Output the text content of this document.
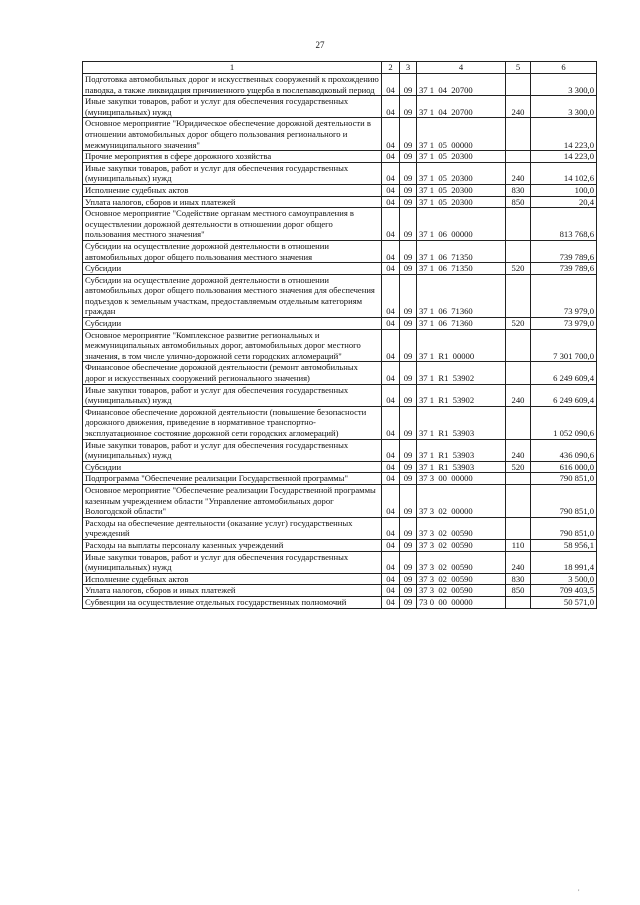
27
1	2	3	4	5	6
Подготовка автомобильных дорог и искусственных сооружений к прохождению паводка, а также ликвидация причиненного ущерба в послепаводковый период	04	09	37 1  04  20700		3 300,0
Иные закупки товаров, работ и услуг для обеспечения государственных (муниципальных) нужд	04	09	37 1  04  20700	240	3 300,0
Основное мероприятие "Юридическое обеспечение дорожной деятельности в отношении автомобильных дорог общего пользования регионального и межмуниципального значения"	04	09	37 1  05  00000		14 223,0
Прочие мероприятия в сфере дорожного хозяйства	04	09	37 1  05  20300		14 223,0
Иные закупки товаров, работ и услуг для обеспечения государственных (муниципальных) нужд	04	09	37 1  05  20300	240	14 102,6
Исполнение судебных актов	04	09	37 1  05  20300	830	100,0
Уплата налогов, сборов и иных платежей	04	09	37 1  05  20300	850	20,4
Основное мероприятие "Содействие органам местного самоуправления в осуществлении дорожной деятельности в отношении дорог общего пользования местного значения"	04	09	37 1  06  00000		813 768,6
Субсидии на осуществление дорожной деятельности в отношении автомобильных дорог общего пользования местного значения	04	09	37 1  06  71350		739 789,6
Субсидии	04	09	37 1  06  71350	520	739 789,6
Субсидии на осуществление дорожной деятельности в отношении автомобильных дорог общего пользования местного значения для обеспечения подъездов к земельным участкам, предоставляемым отдельным категориям граждан	04	09	37 1  06  71360		73 979,0
Субсидии	04	09	37 1  06  71360	520	73 979,0
Основное мероприятие "Комплексное развитие региональных и межмуниципальных автомобильных дорог, автомобильных дорог местного значения, в том числе улично-дорожной сети городских агломераций"	04	09	37 1  R1  00000		7 301 700,0
Финансовое обеспечение дорожной деятельности (ремонт автомобильных дорог и искусственных сооружений регионального значения)	04	09	37 1  R1  53902		6 249 609,4
Иные закупки товаров, работ и услуг для обеспечения государственных (муниципальных) нужд	04	09	37 1  R1  53902	240	6 249 609,4
Финансовое обеспечение дорожной деятельности (повышение безопасности дорожного движения, приведение в нормативное транспортно-эксплуатационное состояние дорожной сети городских агломераций)	04	09	37 1  R1  53903		1 052 090,6
Иные закупки товаров, работ и услуг для обеспечения государственных (муниципальных) нужд	04	09	37 1  R1  53903	240	436 090,6
Субсидии	04	09	37 1  R1  53903	520	616 000,0
Подпрограмма "Обеспечение реализации Государственной программы"	04	09	37 3  00  00000		790 851,0
Основное мероприятие "Обеспечение реализации Государственной программы казенным учреждением области "Управление автомобильных дорог Вологодской области"	04	09	37 3  02  00000		790 851,0
Расходы на обеспечение деятельности (оказание услуг) государственных учреждений	04	09	37 3  02  00590		790 851,0
Расходы на выплаты персоналу казенных учреждений	04	09	37 3  02  00590	110	58 956,1
Иные закупки товаров, работ и услуг для обеспечения государственных (муниципальных) нужд	04	09	37 3  02  00590	240	18 991,4
Исполнение судебных актов	04	09	37 3  02  00590	830	3 500,0
Уплата налогов, сборов и иных платежей	04	09	37 3  02  00590	850	709 403,5
Субвенции на осуществление отдельных государственных полномочий	04	09	73 0  00  00000		50 571,0
,
